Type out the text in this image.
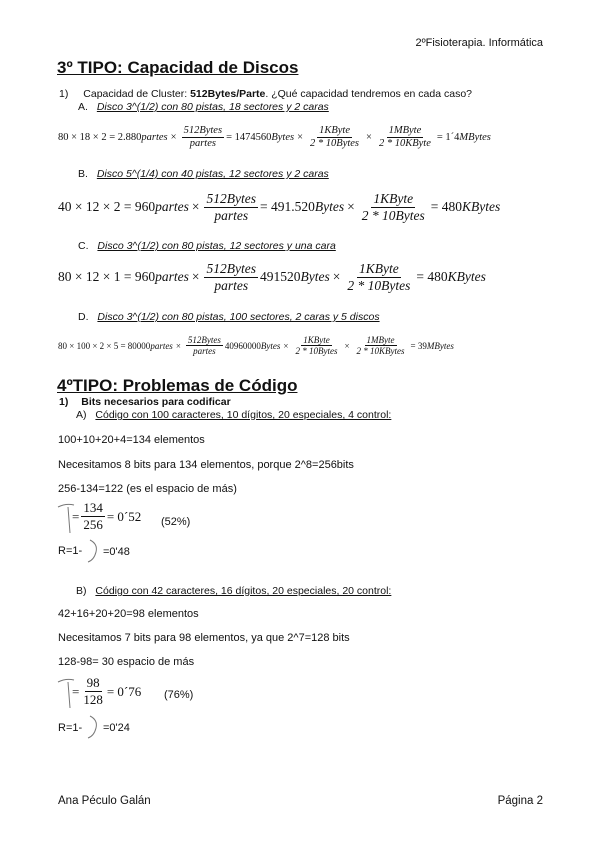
2ºFisioterapia. Informática
3º TIPO: Capacidad de Discos
1) Capacidad de Cluster: 512Bytes/Parte. ¿Qué capacidad tendremos en cada caso?
A. Disco 3^(1/2) con 80 pistas, 18 sectores y 2 caras
80 × 18 × 2 = 2.880 partes × $\frac{\text{512Bytes}}{\text{partes}} = 1474560$ Bytes × $\frac{\text{1KByte}}{\text{2 * 10Bytes}} \times \frac{\text{1MByte}}{\text{2 * 10KByte}}$ = 1´4 MBytes
B. Disco 5^(1/4) con 40 pistas, 12 sectores y 2 caras
40 × 12 × 2 = 960 partes × $\frac{\text{512Bytes}}{\text{partes}} = 491.520$ Bytes × $\frac{\text{1KByte}}{\text{2 * 10Bytes}} = 480$ KBytes
C. Disco 3^(1/2) con 80 pistas, 12 sectores y una cara
80 × 12 × 1 = 960 partes × $\frac{\text{512Bytes}}{\text{partes}} 491520$ Bytes × $\frac{\text{1KByte}}{\text{2 * 10Bytes}} = 480$ KBytes
D. Disco 3^(1/2) con 80 pistas, 100 sectores, 2 caras y 5 discos
80 × 100 × 2 × 5 = 80000 partes × $\frac{\text{512Bytes}}{\text{partes}} 40960000$ Bytes × $\frac{\text{1KByte}}{\text{2 * 10Bytes}} \times \frac{\text{1MByte}}{\text{2 * 10KBytes}} = 39$ MBytes
4ºTIPO: Problemas de Código
1) Bits necesarios para codificar
A) Código con 100 caracteres, 10 dígitos, 20 especiales, 4 control:
100+10+20+4=134 elementos
Necesitamos 8 bits para 134 elementos, porque 2^8=256bits
256-134=122 (es el espacio de más)
= $\frac{134}{256}$ = 0´52 (52%)
R=1- =0'48
B) Código con 42 caracteres, 16 dígitos, 20 especiales, 20 control:
42+16+20+20=98 elementos
Necesitamos 7 bits para 98 elementos, ya que 2^7=128 bits
128-98= 30 espacio de más
= $\frac{98}{128}$ = 0´76 (76%)
R=1- =0'24
Ana Péculo Galán	Página 2
